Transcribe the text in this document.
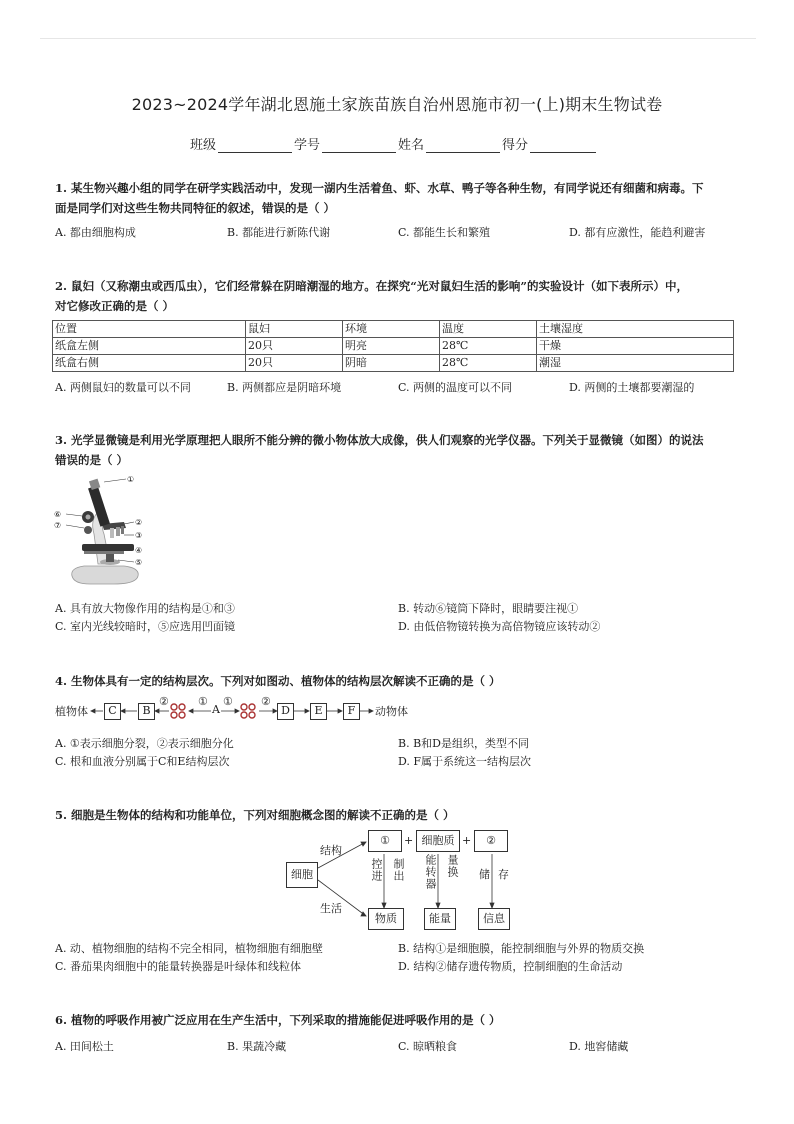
2023~2024学年湖北恩施土家族苗族自治州恩施市初一(上)期末生物试卷
班级	学号	姓名	得分
1. 某生物兴趣小组的同学在研学实践活动中，发现一湖内生活着鱼、虾、水草、鸭子等各种生物，有同学说还有细菌和病毒。下
面是同学们对这些生物共同特征的叙述，错误的是（ ）
A. 都由细胞构成	B. 都能进行新陈代谢	C. 都能生长和繁殖	D. 都有应激性，能趋利避害
2. 鼠妇（又称潮虫或西瓜虫），它们经常躲在阴暗潮湿的地方。在探究“光对鼠妇生活的影响”的实验设计（如下表所示）中，
对它修改正确的是（ ）
位置	鼠妇	环境	温度	土壤湿度
纸盒左侧	20只	明亮	28℃	干燥
纸盒右侧	20只	阴暗	28℃	潮湿
A. 两侧鼠妇的数量可以不同	B. 两侧都应是阴暗环境	C. 两侧的温度可以不同	D. 两侧的土壤都要潮湿的
3. 光学显微镜是利用光学原理把人眼所不能分辨的微小物体放大成像，供人们观察的光学仪器。下列关于显微镜（如图）的说法
错误的是（ ）
①
⑥
⑦	②
③
④
⑤
A. 具有放大物像作用的结构是①和③	B. 转动⑥镜筒下降时，眼睛要注视①
C. 室内光线较暗时，⑤应选用凹面镜	D. 由低倍物镜转换为高倍物镜应该转动②
4. 生物体具有一定的结构层次。下列对如图动、植物体的结构层次解读不正确的是（ ）
植物体	C	B
②	①
A
①	②
D	E	F	动物体
A. ①表示细胞分裂，②表示细胞分化	B. B和D是组织，类型不同
C. 根和血液分别属于C和E结构层次	D. F属于系统这一结构层次
5. 细胞是生物体的结构和功能单位，下列对细胞概念图的解读不正确的是（ ）
细胞
结构
生活
①	+ 细胞质 +	②
控进 制出 能转器 量换 储 存
物质	能量	信息
A. 动、植物细胞的结构不完全相同，植物细胞有细胞壁	B. 结构①是细胞膜，能控制细胞与外界的物质交换
C. 番茄果肉细胞中的能量转换器是叶绿体和线粒体	D. 结构②储存遗传物质，控制细胞的生命活动
6. 植物的呼吸作用被广泛应用在生产生活中，下列采取的措施能促进呼吸作用的是（ ）
A. 田间松土	B. 果蔬冷藏	C. 晾晒粮食	D. 地窖储藏
